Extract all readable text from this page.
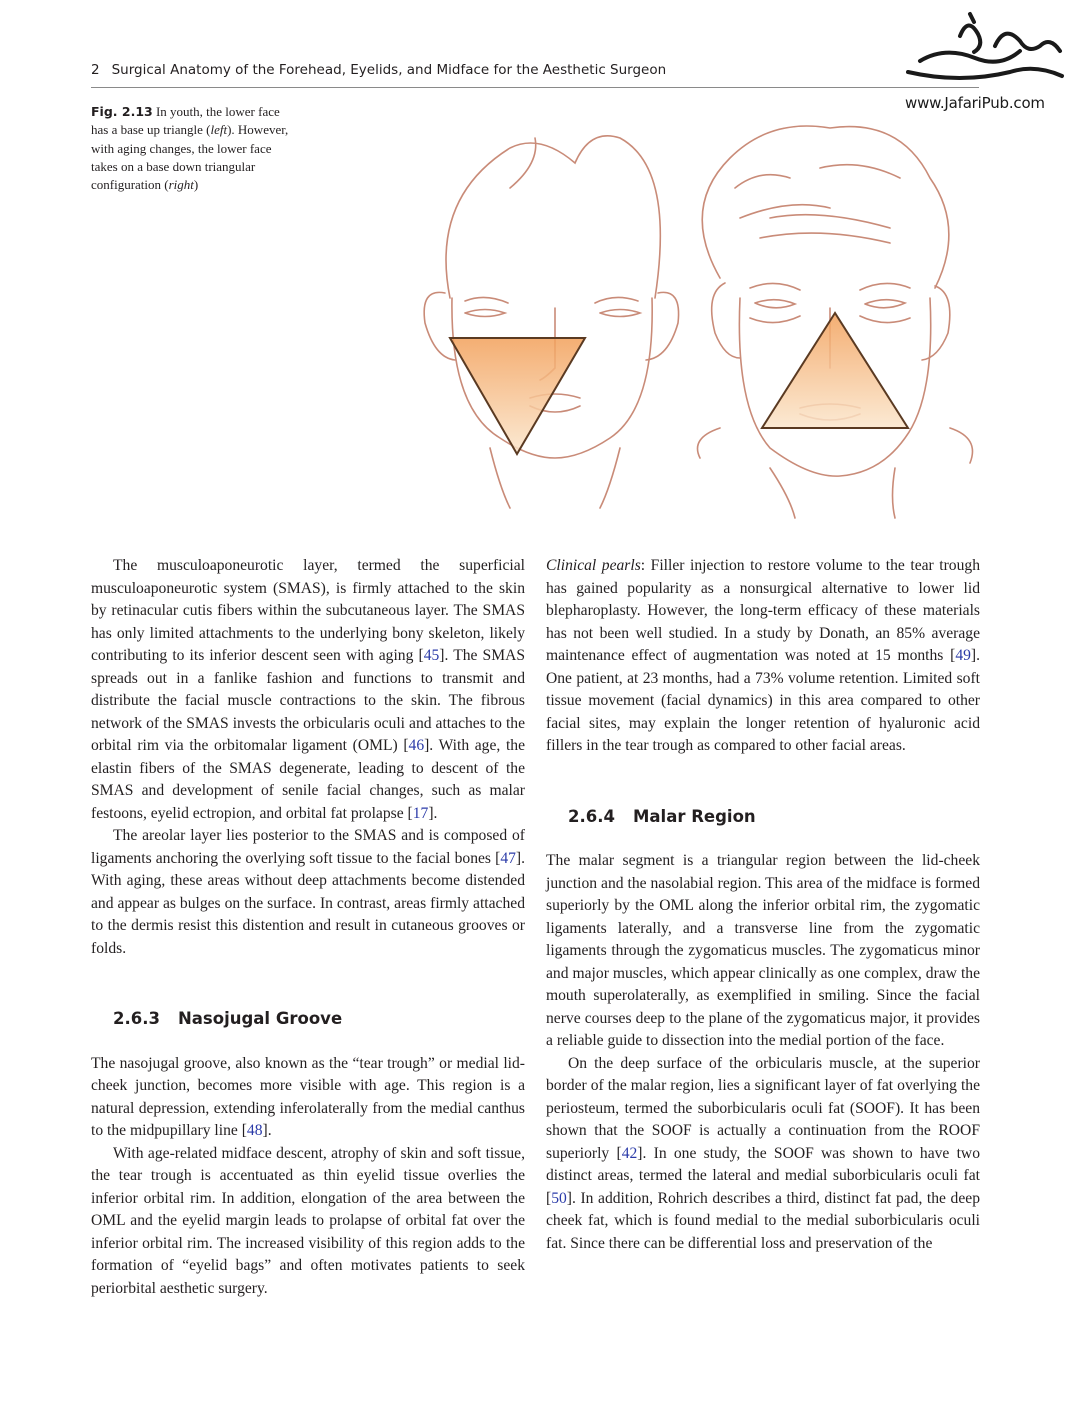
2 Surgical Anatomy of the Forehead, Eyelids, and Midface for the Aesthetic Surgeon
www.JafariPub.com
Fig. 2.13 In youth, the lower face has a base up triangle (left). However, with aging changes, the lower face takes on a base down triangular configuration (right)

The musculoaponeurotic layer, termed the superficial musculoaponeurotic system (SMAS), is firmly attached to the skin by retinacular cutis fibers within the subcutaneous layer. The SMAS has only limited attachments to the underlying bony skeleton, likely contributing to its inferior descent seen with aging [45]. The SMAS spreads out in a fanlike fashion and functions to transmit and distribute the facial muscle contractions to the skin. The fibrous network of the SMAS invests the orbicularis oculi and attaches to the orbital rim via the orbitomalar ligament (OML) [46]. With age, the elastin fibers of the SMAS degenerate, leading to descent of the SMAS and development of senile facial changes, such as malar festoons, eyelid ectropion, and orbital fat prolapse [17].

The areolar layer lies posterior to the SMAS and is composed of ligaments anchoring the overlying soft tissue to the facial bones [47]. With aging, these areas without deep attachments become distended and appear as bulges on the surface. In contrast, areas firmly attached to the dermis resist this distention and result in cutaneous grooves or folds.

2.6.3 Nasojugal Groove

The nasojugal groove, also known as the “tear trough” or medial lid-cheek junction, becomes more visible with age. This region is a natural depression, extending inferolaterally from the medial canthus to the midpupillary line [48].

With age-related midface descent, atrophy of skin and soft tissue, the tear trough is accentuated as thin eyelid tissue overlies the inferior orbital rim. In addition, elongation of the area between the OML and the eyelid margin leads to prolapse of orbital fat over the inferior orbital rim. The increased visibility of this region adds to the formation of “eyelid bags” and often motivates patients to seek periorbital aesthetic surgery.

Clinical pearls: Filler injection to restore volume to the tear trough has gained popularity as a nonsurgical alternative to lower lid blepharoplasty. However, the long-term efficacy of these materials has not been well studied. In a study by Donath, an 85% average maintenance effect of augmentation was noted at 15 months [49]. One patient, at 23 months, had a 73% volume retention. Limited soft tissue movement (facial dynamics) in this area compared to other facial sites, may explain the longer retention of hyaluronic acid fillers in the tear trough as compared to other facial areas.

2.6.4 Malar Region

The malar segment is a triangular region between the lid-cheek junction and the nasolabial region. This area of the midface is formed superiorly by the OML along the inferior orbital rim, the zygomatic ligaments laterally, and a transverse line from the zygomatic ligaments through the zygomaticus muscles. The zygomaticus minor and major muscles, which appear clinically as one complex, draw the mouth superolaterally, as exemplified in smiling. Since the facial nerve courses deep to the plane of the zygomaticus major, it provides a reliable guide to dissection into the medial portion of the face.

On the deep surface of the orbicularis muscle, at the superior border of the malar region, lies a significant layer of fat overlying the periosteum, termed the suborbicularis oculi fat (SOOF). It has been shown that the SOOF is actually a continuation from the ROOF superiorly [42]. In one study, the SOOF was shown to have two distinct areas, termed the lateral and medial suborbicularis oculi fat [50]. In addition, Rohrich describes a third, distinct fat pad, the deep cheek fat, which is found medial to the medial suborbicularis oculi fat. Since there can be differential loss and preservation of the
